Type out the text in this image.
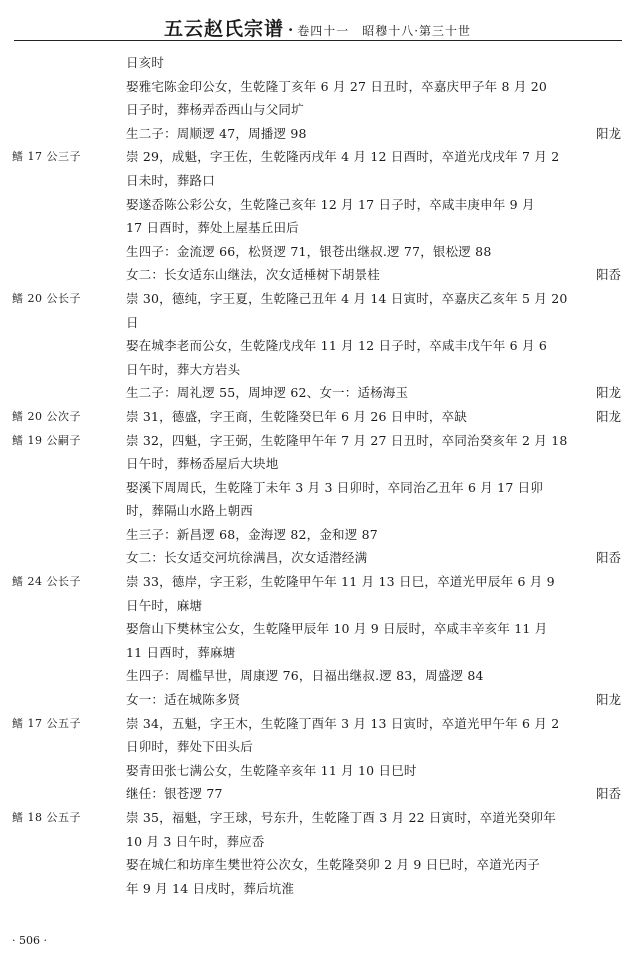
五云赵氏宗谱 · 卷四十一　昭穆十八·第三十世
日亥时
娶雅宅陈金印公女，生乾隆丁亥年 6 月 27 日丑时，卒嘉庆甲子年 8 月 20
日子时，葬杨弄岙西山与父同圹
生二子：周顺逻 47，周播逻 98	阳龙
鳍 17 公三子	崇 29，成魁，字王佐，生乾隆丙戌年 4 月 12 日酉时，卒道光戊戌年 7 月 2
日未时，葬路口
娶遂岙陈公彩公女，生乾隆己亥年 12 月 17 日子时，卒咸丰庚申年 9 月
17 日酉时，葬处上屋基丘田后
生四子：金流逻 66，松贤逻 71，银苍出继叔.逻 77，银松逻 88
女二：长女适东山继法，次女适棰树下胡景桂	阳岙
鳍 20 公长子	崇 30，德纯，字王夏，生乾隆己丑年 4 月 14 日寅时，卒嘉庆乙亥年 5 月 20
日
娶在城李老而公女，生乾隆戊戌年 11 月 12 日子时，卒咸丰戊午年 6 月 6
日午时，葬大方岩头
生二子：周礼逻 55，周坤逻 62、女一：适杨海玉	阳龙
鳍 20 公次子	崇 31，德盛，字王商，生乾隆癸巳年 6 月 26 日申时，卒缺	阳龙
鳍 19 公嗣子	崇 32，四魁，字王弼，生乾隆甲午年 7 月 27 日丑时，卒同治癸亥年 2 月 18
日午时，葬杨岙屋后大块地
娶溪下周周氏，生乾隆丁未年 3 月 3 日卯时，卒同治乙丑年 6 月 17 日卯
时，葬隔山水路上朝西
生三子：新昌逻 68，金海逻 82，金和逻 87
女二：长女适交河坑徐满昌，次女适潜经满	阳岙
鳍 24 公长子	崇 33，德岸，字王彩，生乾隆甲午年 11 月 13 日巳，卒道光甲辰年 6 月 9
日午时，麻塘
娶詹山下樊林宝公女，生乾隆甲辰年 10 月 9 日辰时，卒咸丰辛亥年 11 月
11 日酉时，葬麻塘
生四子：周槛早世，周康逻 76，日福出继叔.逻 83，周盛逻 84
女一：适在城陈多贤	阳龙
鳍 17 公五子	崇 34，五魁，字王木，生乾隆丁酉年 3 月 13 日寅时，卒道光甲午年 6 月 2
日卯时，葬处下田头后
娶青田张七满公女，生乾隆辛亥年 11 月 10 日巳时
继任：银苍逻 77	阳岙
鳍 18 公五子	崇 35，福魁，字王球，号东升，生乾隆丁酉 3 月 22 日寅时，卒道光癸卯年
10 月 3 日午时，葬应岙
娶在城仁和坊庠生樊世符公次女，生乾隆癸卯 2 月 9 日巳时，卒道光丙子
年 9 月 14 日戌时，葬后坑淮
· 506 ·
